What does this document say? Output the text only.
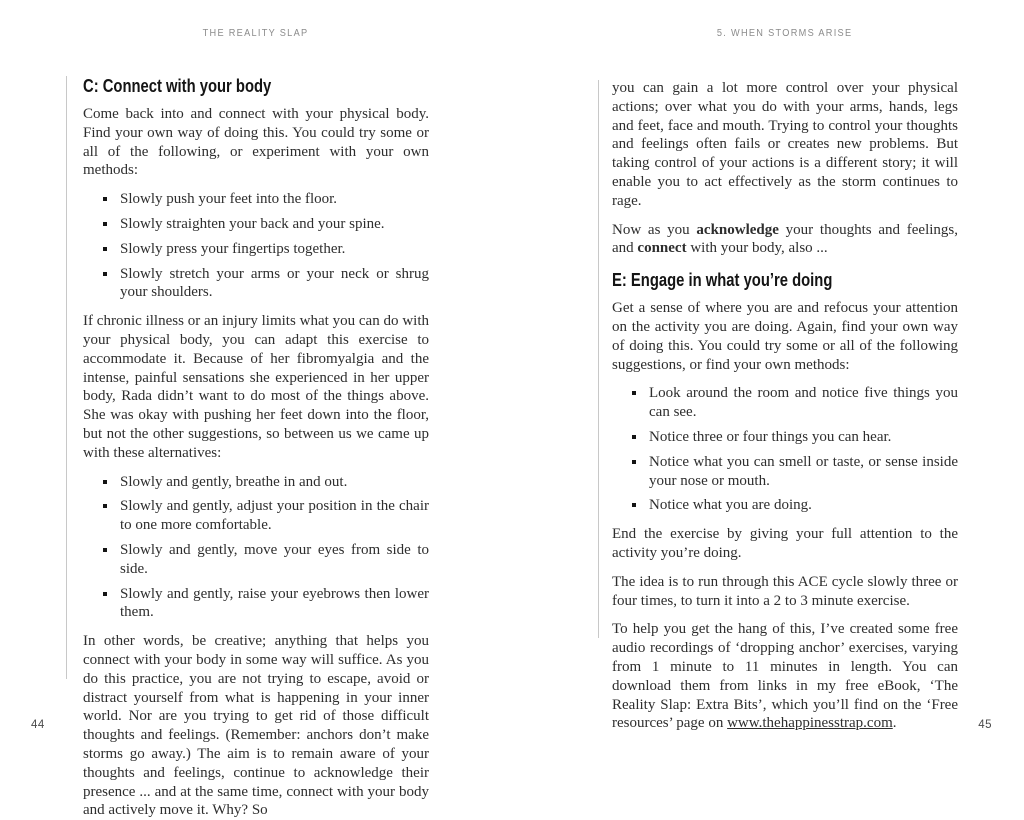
THE REALITY SLAP	5. WHEN STORMS ARISE
C: Connect with your body

Come back into and connect with your physical body. Find your own way of doing this. You could try some or all of the following, or experiment with your own methods:

Slowly push your feet into the floor.
Slowly straighten your back and your spine.
Slowly press your fingertips together.
Slowly stretch your arms or your neck or shrug your shoulders.

If chronic illness or an injury limits what you can do with your physical body, you can adapt this exercise to accommodate it. Because of her fibromyalgia and the intense, painful sensations she experienced in her upper body, Rada didn’t want to do most of the things above. She was okay with pushing her feet down into the floor, but not the other suggestions, so between us we came up with these alternatives:

Slowly and gently, breathe in and out.
Slowly and gently, adjust your position in the chair to one more comfortable.
Slowly and gently, move your eyes from side to side.
Slowly and gently, raise your eyebrows then lower them.

In other words, be creative; anything that helps you connect with your body in some way will suffice. As you do this practice, you are not trying to escape, avoid or distract yourself from what is happening in your inner world. Nor are you trying to get rid of those difficult thoughts and feelings. (Remember: anchors don’t make storms go away.) The aim is to remain aware of your thoughts and feelings, continue to acknowledge their presence ... and at the same time, connect with your body and actively move it. Why? So

you can gain a lot more control over your physical actions; over what you do with your arms, hands, legs and feet, face and mouth. Trying to control your thoughts and feelings often fails or creates new problems. But taking control of your actions is a different story; it will enable you to act effectively as the storm continues to rage.

Now as you acknowledge your thoughts and feelings, and connect with your body, also ...

E: Engage in what you’re doing

Get a sense of where you are and refocus your attention on the activity you are doing. Again, find your own way of doing this. You could try some or all of the following suggestions, or find your own methods:

Look around the room and notice five things you can see.
Notice three or four things you can hear.
Notice what you can smell or taste, or sense inside your nose or mouth.
Notice what you are doing.

End the exercise by giving your full attention to the activity you’re doing.

The idea is to run through this ACE cycle slowly three or four times, to turn it into a 2 to 3 minute exercise.

To help you get the hang of this, I’ve created some free audio recordings of ‘dropping anchor’ exercises, varying from 1 minute to 11 minutes in length. You can download them from links in my free eBook, ‘The Reality Slap: Extra Bits’, which you’ll find on the ‘Free resources’ page on www.thehappinesstrap.com.

44	45
